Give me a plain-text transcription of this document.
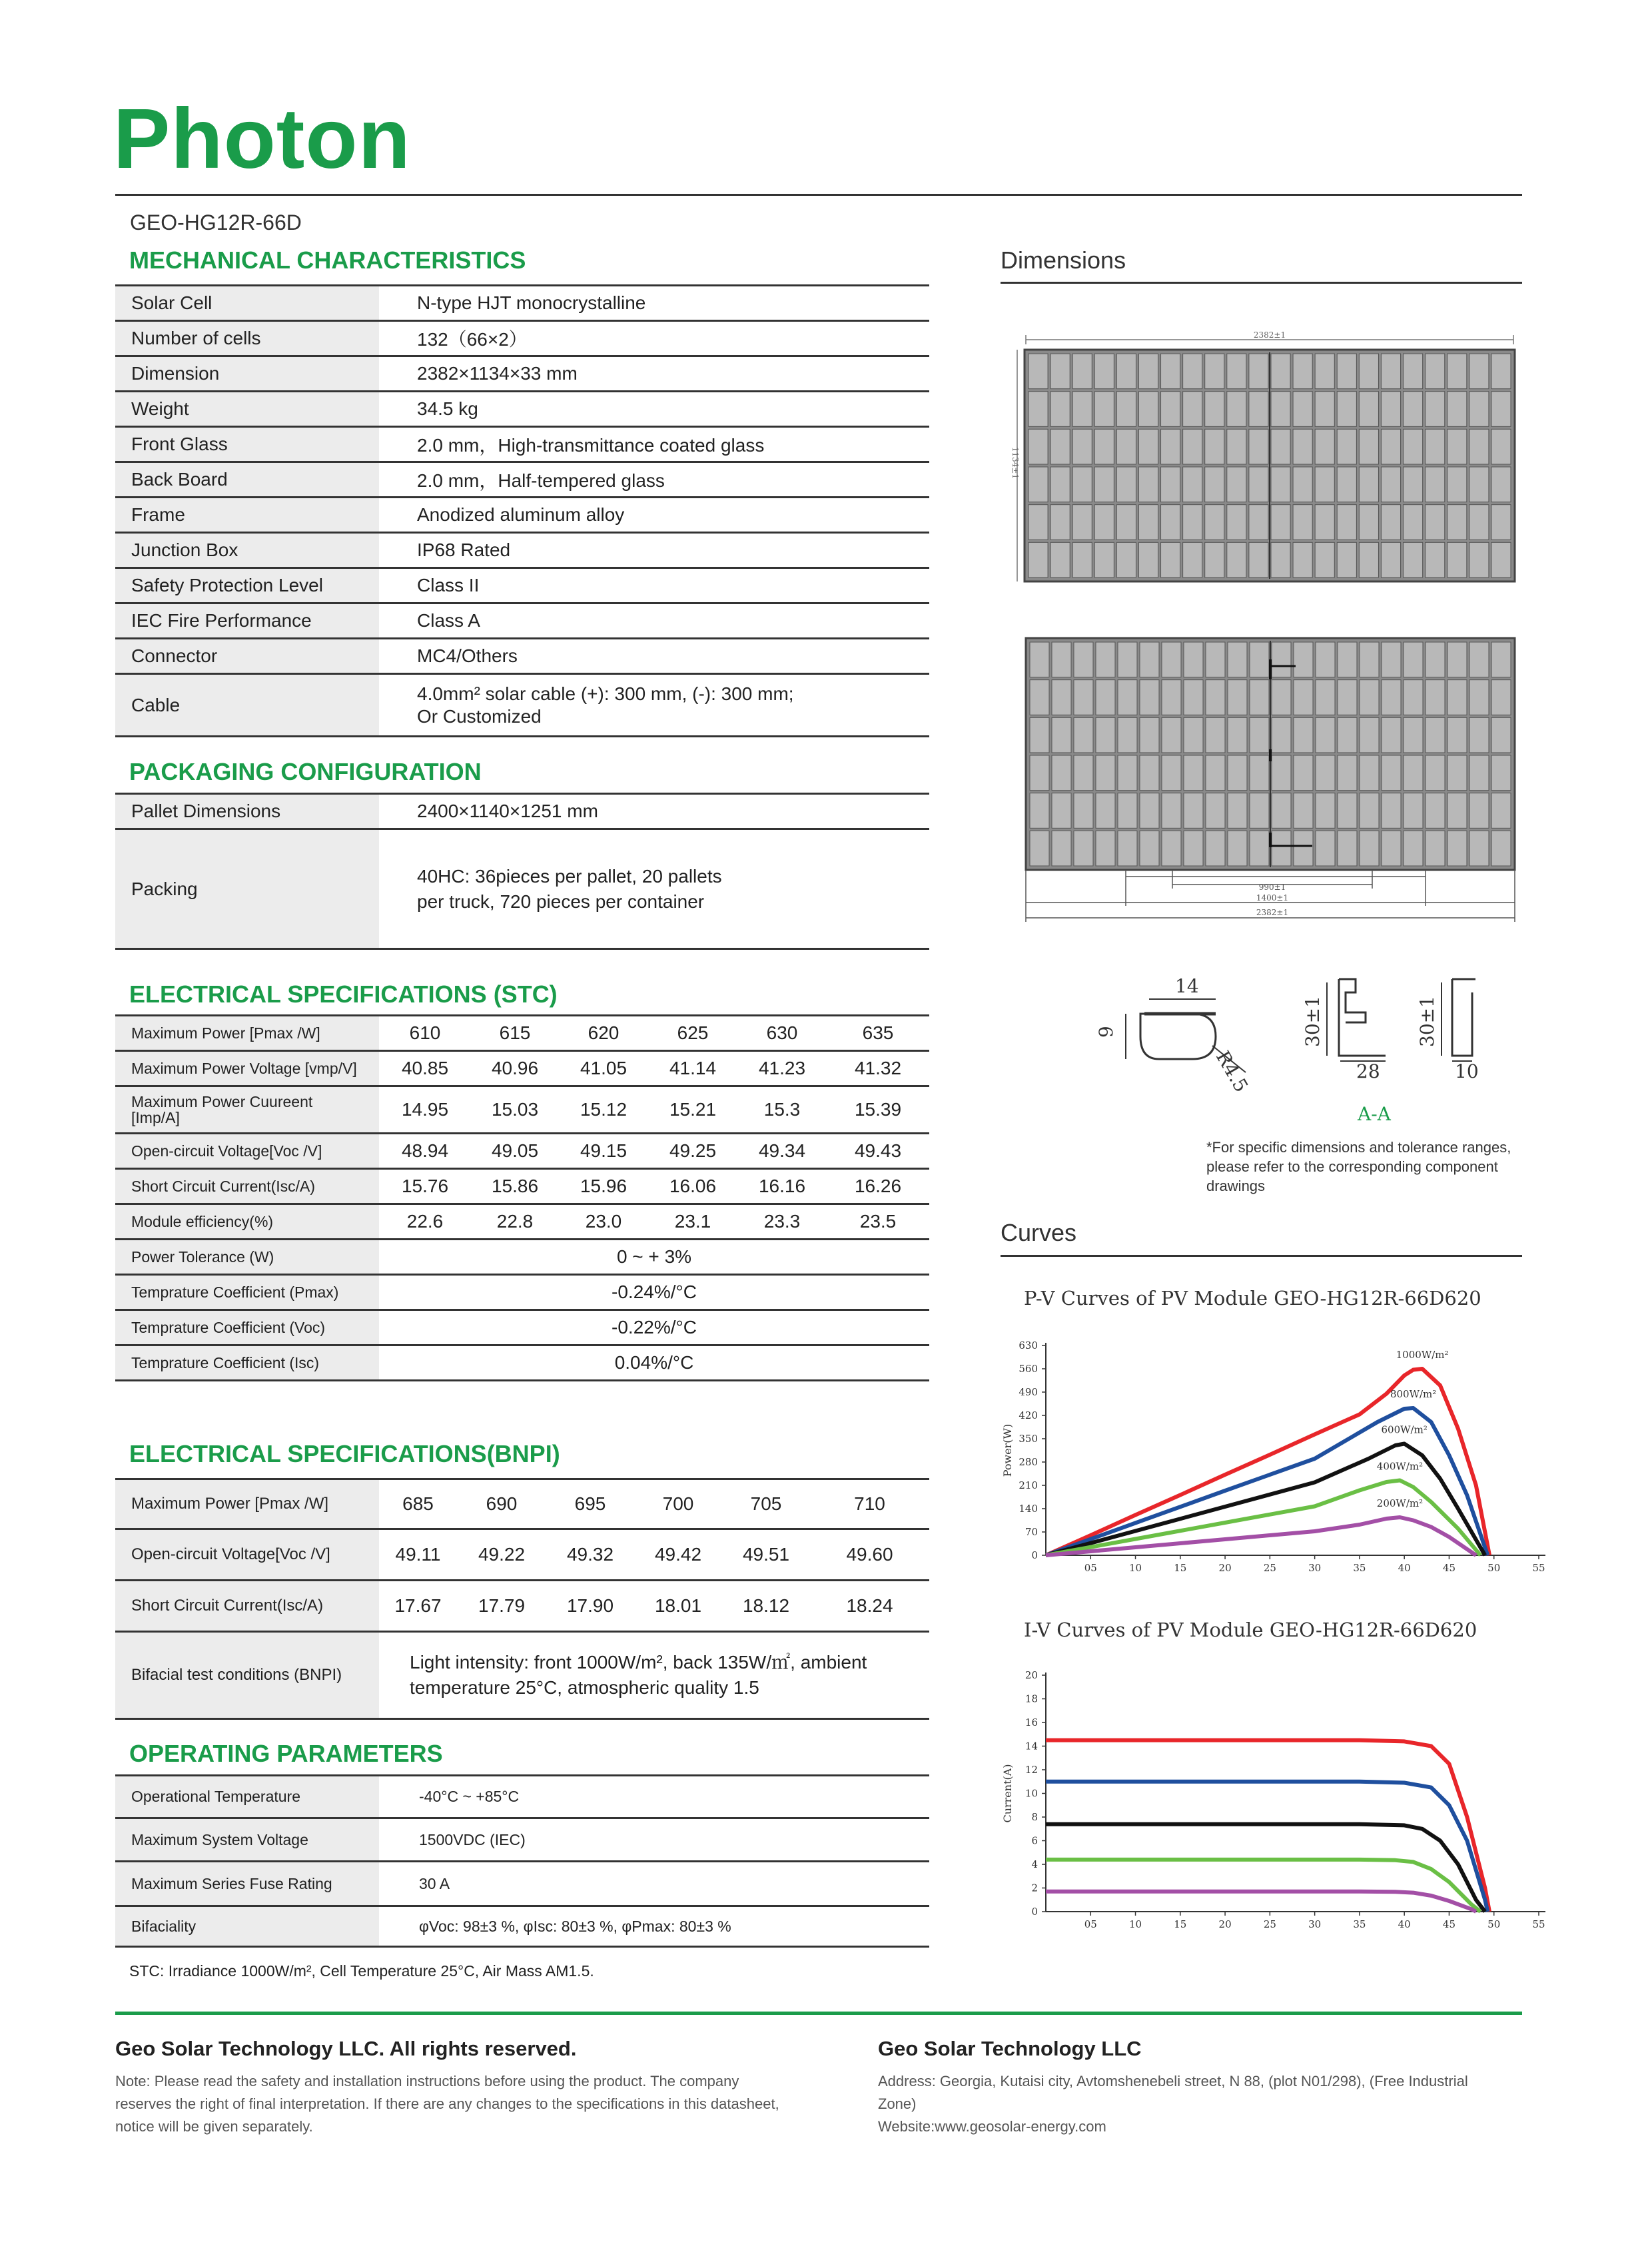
Photon
GEO-HG12R-66D
MECHANICAL CHARACTERISTICS
Solar Cell	N-type HJT monocrystalline
Number of cells	132（66×2）
Dimension	2382×1134×33 mm
Weight	34.5 kg
Front Glass	2.0 mm，High-transmittance coated glass
Back Board	2.0 mm，Half-tempered glass
Frame	Anodized aluminum alloy
Junction Box	IP68 Rated
Safety Protection Level	Class II
IEC Fire Performance	Class A
Connector	MC4/Others
Cable	4.0mm² solar cable (+): 300 mm, (-): 300 mm;
Or Customized
PACKAGING CONFIGURATION
Pallet Dimensions	2400×1140×1251 mm
Packing	40HC: 36pieces per pallet, 20 pallets
per truck, 720 pieces per container
ELECTRICAL SPECIFICATIONS (STC)
Maximum Power [Pmax /W]	610	615	620	625	630	635
Maximum Power Voltage [vmp/V]	40.85	40.96	41.05	41.14	41.23	41.32

Maximum Power Cuureent
[Imp/A]	14.95	15.03	15.12	15.21	15.3	15.39
Open-circuit Voltage[Voc /V]	48.94	49.05	49.15	49.25	49.34	49.43
Short Circuit Current(Isc/A)	15.76	15.86	15.96	16.06	16.16	16.26
Module efficiency(%)	22.6	22.8	23.0	23.1	23.3	23.5
Power Tolerance (W)	0 ~ + 3%					
Temprature Coefficient (Pmax)	-0.24%/°C					
Temprature Coefficient (Voc)	-0.22%/°C					
Temprature Coefficient (Isc)	0.04%/°C					
ELECTRICAL SPECIFICATIONS(BNPI)
Maximum Power [Pmax /W]	685	690	695	700	705	710
Open-circuit Voltage[Voc /V]	49.11	49.22	49.32	49.42	49.51	49.60
Short Circuit Current(Isc/A)	17.67	17.79	17.90	18.01	18.12	18.24
Bifacial test conditions (BNPI)	Light intensity: front 1000W/m², back 135W/㎡, ambient
temperature 25°C, atmospheric quality 1.5					
OPERATING PARAMETERS
Operational Temperature	-40°C ~ +85°C
Maximum System Voltage	1500VDC (IEC)
Maximum Series Fuse Rating	30 A
Bifaciality	φVoc: 98±3 %, φIsc: 80±3 %, φPmax: 80±3 %
STC: Irradiance 1000W/m², Cell Temperature 25°C, Air Mass AM1.5.
Dimensions
2382±1
1134±1
990±1
1400±1
2382±1
14
9
R4.5
30±1
28
30±1
10
A-A
*For specific dimensions and tolerance ranges,
please refer to the corresponding component
drawings
Curves
P-V Curves of PV Module GEO-HG12R-66D620
630
560
490
420
350
280
210
140
70
0
05	10	15	20	25	30	35	40	45	50	55
Power(W)
1000W/m²
800W/m²
600W/m²
400W/m²
200W/m²
I-V Curves of PV Module GEO-HG12R-66D620
20
18
16
14
12
10
8
6
4
2
0
05	10	15	20	25	30	35	40	45	50	55
Current(A)
Geo Solar Technology LLC. All rights reserved.
Note: Please read the safety and installation instructions before using the product. The company
reserves the right of final interpretation. If there are any changes to the specifications in this datasheet,
notice will be given separately.
Geo Solar Technology LLC
Address: Georgia, Kutaisi city, Avtomshenebeli street, N 88, (plot N01/298), (Free Industrial
Zone)
Website:www.geosolar-energy.com
